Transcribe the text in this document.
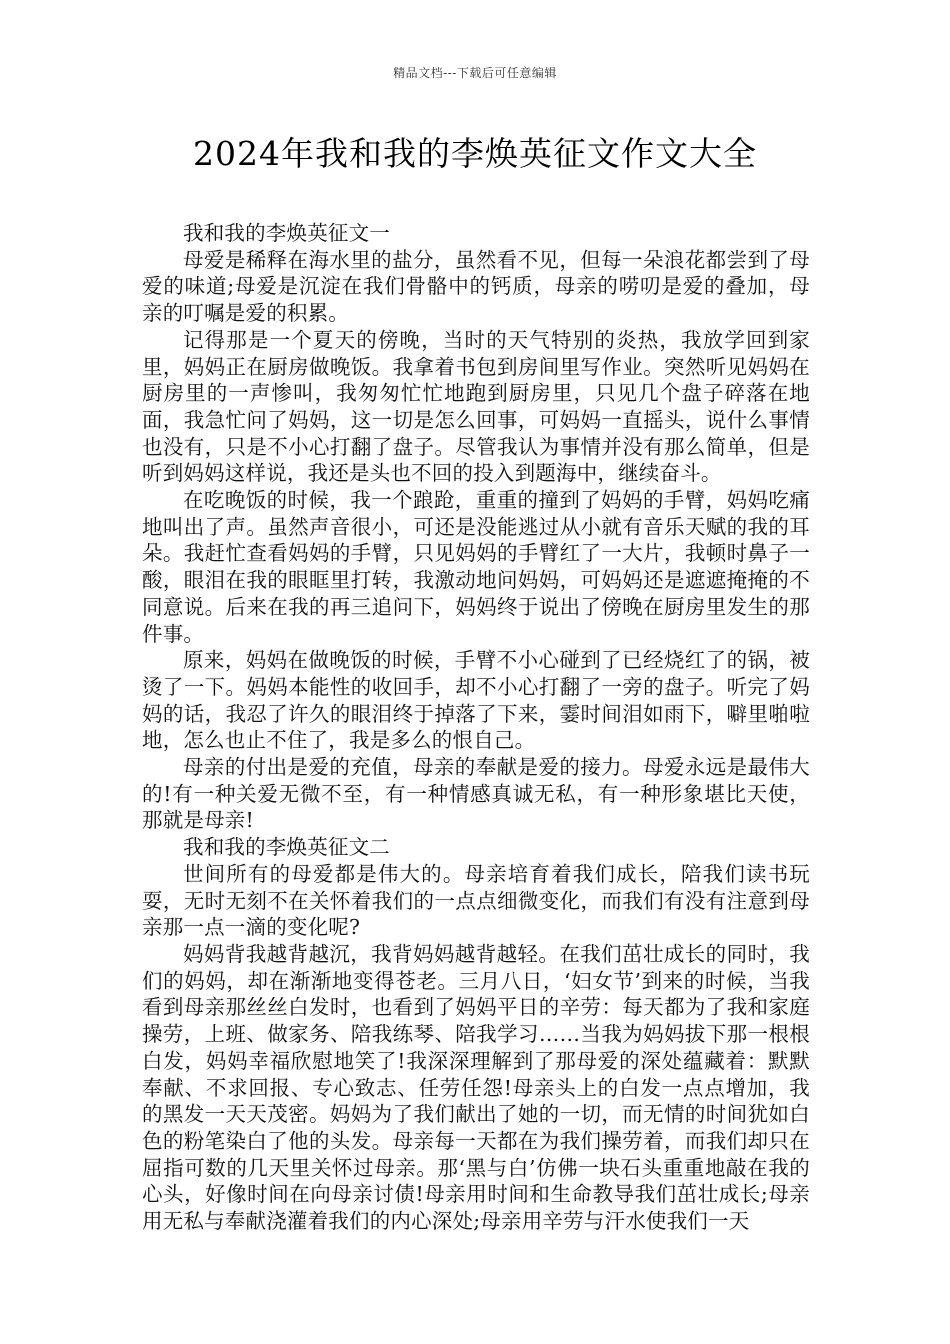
精品文档---下载后可任意编辑
2024年我和我的李焕英征文作文大全

我和我的李焕英征文一

母爱是稀释在海水里的盐分，虽然看不见，但每一朵浪花都尝到了母爱的味道;母爱是沉淀在我们骨骼中的钙质，母亲的唠叨是爱的叠加，母亲的叮嘱是爱的积累。

记得那是一个夏天的傍晚，当时的天气特别的炎热，我放学回到家里，妈妈正在厨房做晚饭。我拿着书包到房间里写作业。突然听见妈妈在厨房里的一声惨叫，我匆匆忙忙地跑到厨房里，只见几个盘子碎落在地面，我急忙问了妈妈，这一切是怎么回事，可妈妈一直摇头，说什么事情也没有，只是不小心打翻了盘子。尽管我认为事情并没有那么简单，但是听到妈妈这样说，我还是头也不回的投入到题海中，继续奋斗。

在吃晚饭的时候，我一个踉跄，重重的撞到了妈妈的手臂，妈妈吃痛地叫出了声。虽然声音很小，可还是没能逃过从小就有音乐天赋的我的耳朵。我赶忙查看妈妈的手臂，只见妈妈的手臂红了一大片，我顿时鼻子一酸，眼泪在我的眼眶里打转，我激动地问妈妈，可妈妈还是遮遮掩掩的不同意说。后来在我的再三追问下，妈妈终于说出了傍晚在厨房里发生的那件事。

原来，妈妈在做晚饭的时候，手臂不小心碰到了已经烧红了的锅，被烫了一下。妈妈本能性的收回手，却不小心打翻了一旁的盘子。听完了妈妈的话，我忍了许久的眼泪终于掉落了下来，霎时间泪如雨下，噼里啪啦地，怎么也止不住了，我是多么的恨自己。

母亲的付出是爱的充值，母亲的奉献是爱的接力。母爱永远是最伟大的!有一种关爱无微不至，有一种情感真诚无私，有一种形象堪比天使，那就是母亲!

我和我的李焕英征文二

世间所有的母爱都是伟大的。母亲培育着我们成长，陪我们读书玩耍，无时无刻不在关怀着我们的一点点细微变化，而我们有没有注意到母亲那一点一滴的变化呢?

妈妈背我越背越沉，我背妈妈越背越轻。在我们茁壮成长的同时，我们的妈妈，却在渐渐地变得苍老。三月八日，‘妇女节’到来的时候，当我看到母亲那丝丝白发时，也看到了妈妈平日的辛劳：每天都为了我和家庭操劳，上班、做家务、陪我练琴、陪我学习……当我为妈妈拔下那一根根白发，妈妈幸福欣慰地笑了!我深深理解到了那母爱的深处蕴藏着：默默奉献、不求回报、专心致志、任劳任怨!母亲头上的白发一点点增加，我的黑发一天天茂密。妈妈为了我们献出了她的一切，而无情的时间犹如白色的粉笔染白了他的头发。母亲每一天都在为我们操劳着，而我们却只在屈指可数的几天里关怀过母亲。那‘黑与白’仿佛一块石头重重地敲在我的心头，好像时间在向母亲讨债!母亲用时间和生命教导我们茁壮成长;母亲用无私与奉献浇灌着我们的内心深处;母亲用辛劳与汗水使我们一天
